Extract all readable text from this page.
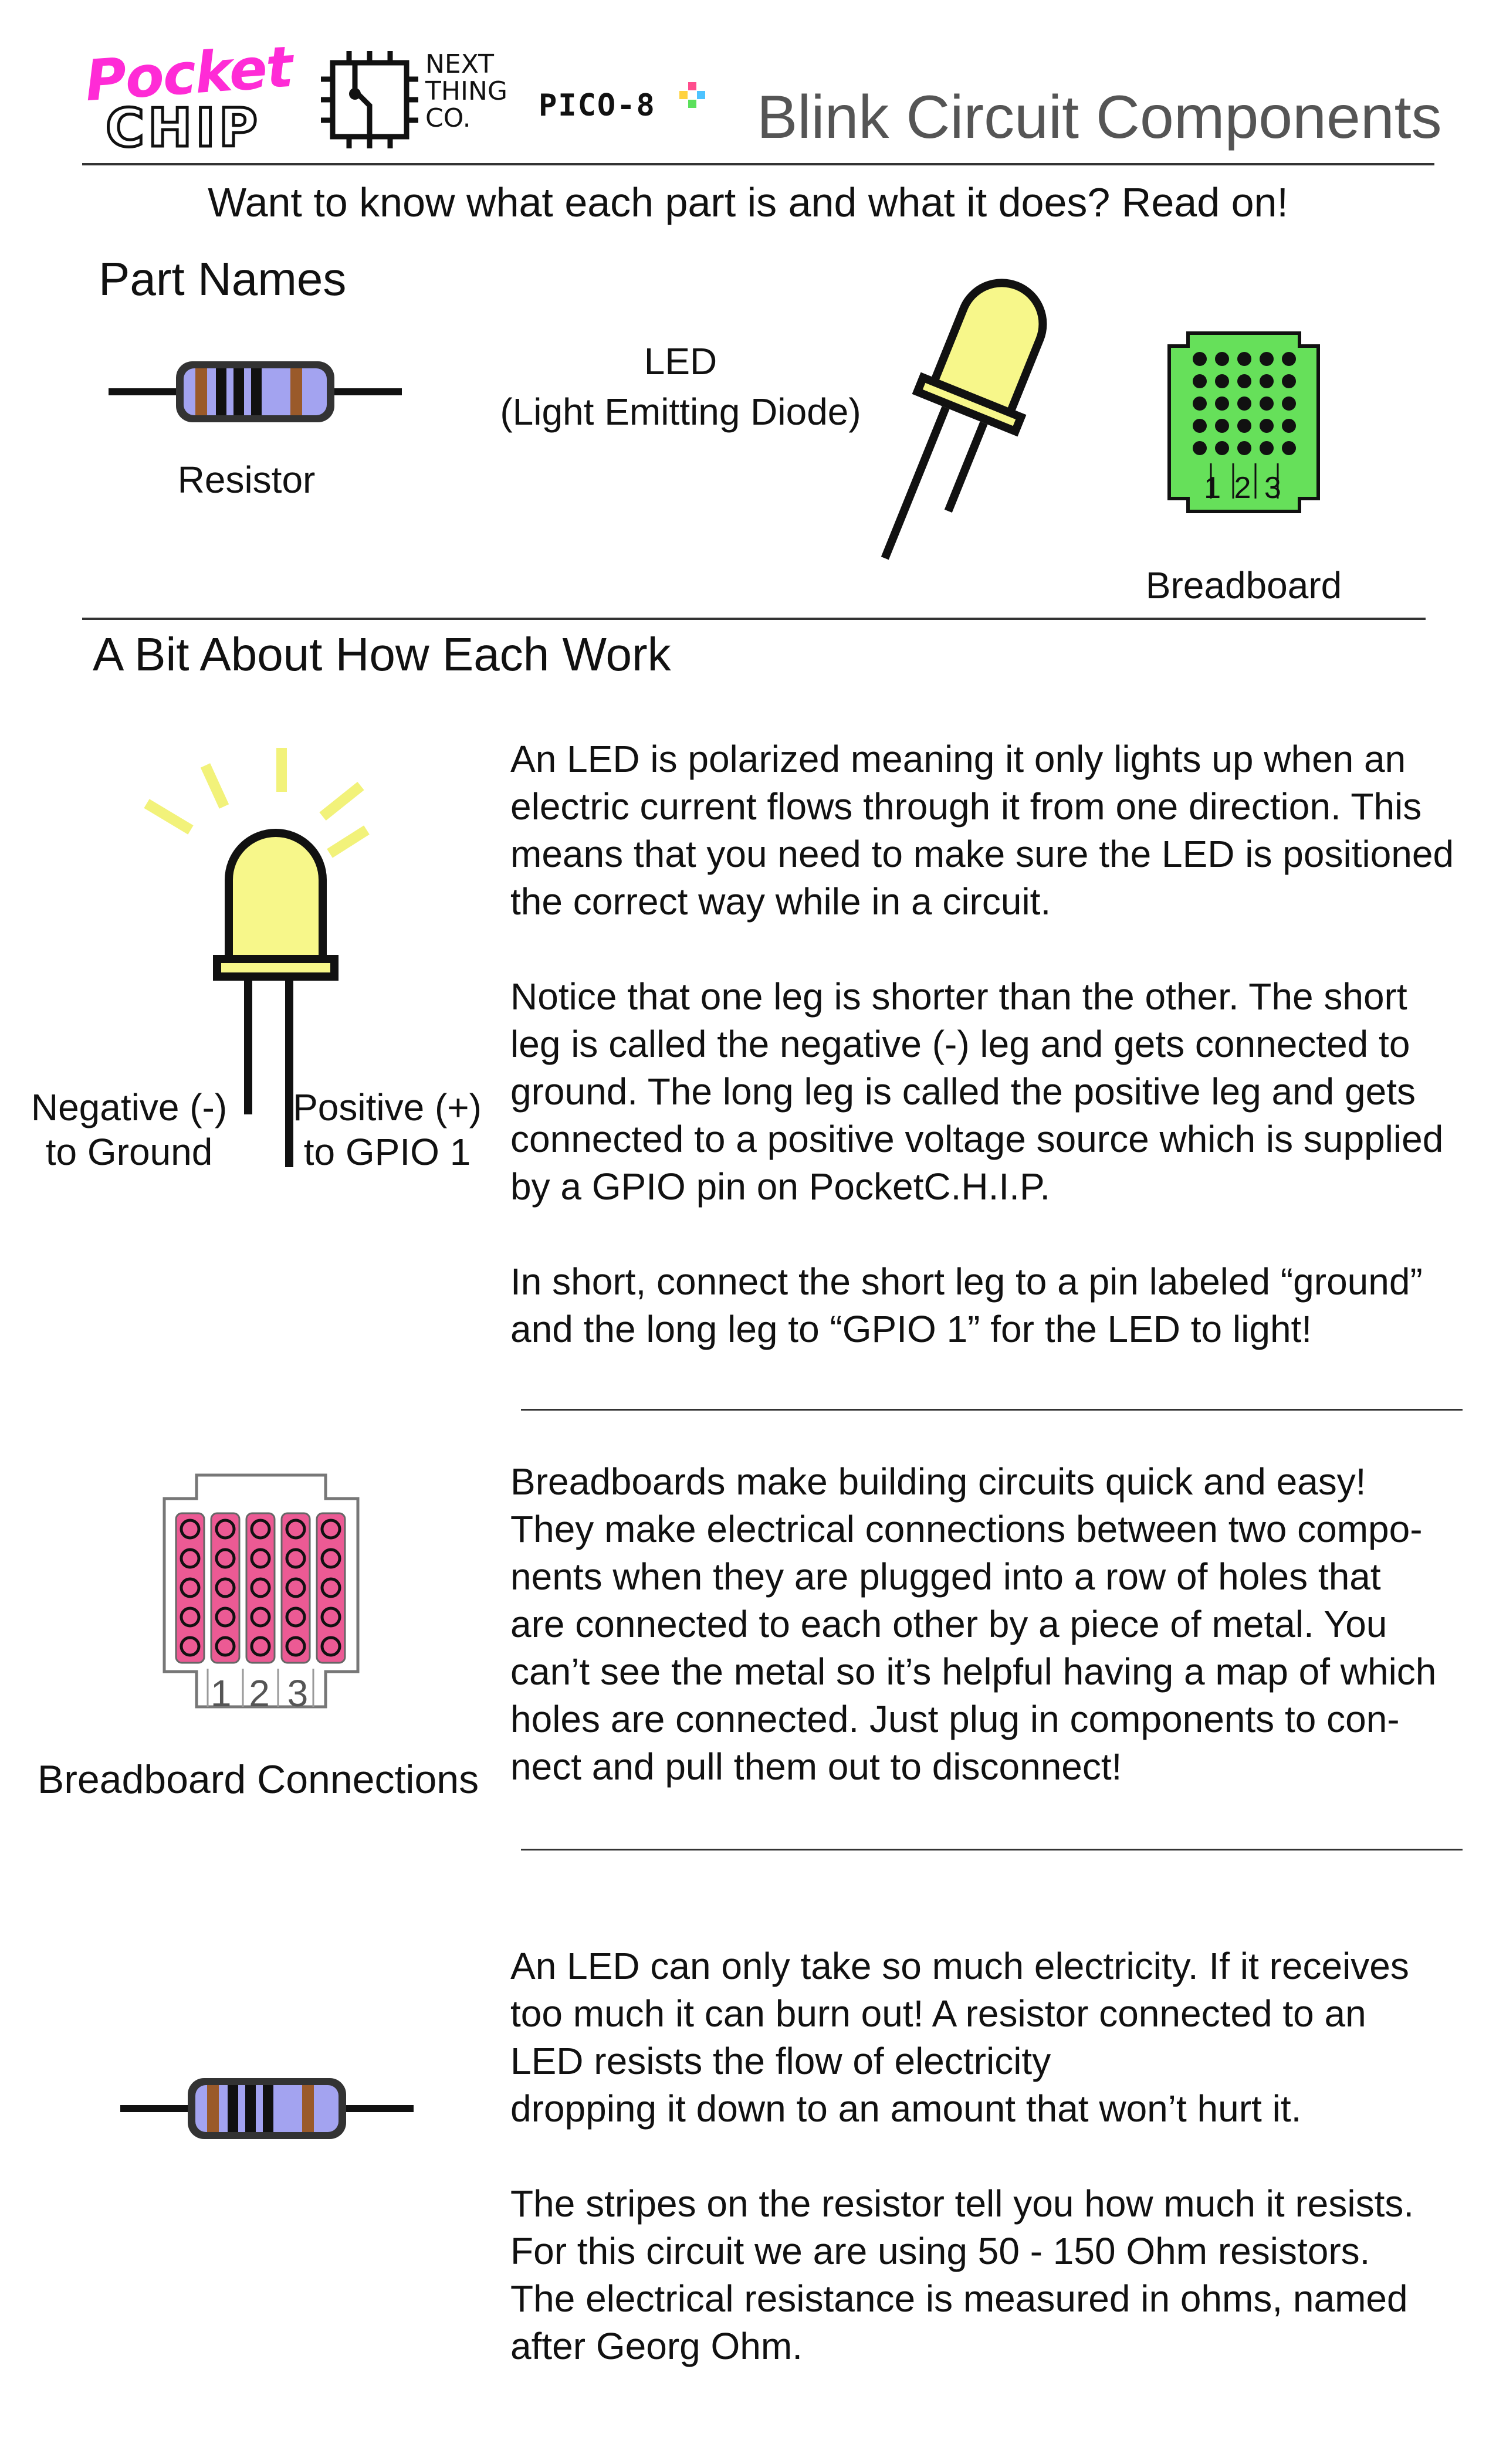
Pocket
CHIP
NEXT
THING
CO.	PICO-8 Blink Circuit Components
Want to know what each part is and what it does? Read on!
Part Names
Resistor
LED
(Light Emitting Diode)
1 2 3
Breadboard
A Bit About How Each Work
Negative (-)
to Ground
Positive (+)
to GPIO 1
An LED is polarized meaning it only lights up when an
electric current flows through it from one direction. This
means that you need to make sure the LED is positioned
the correct way while in a circuit.
Notice that one leg is shorter than the other. The short
leg is called the negative (-) leg and gets connected to
ground. The long leg is called the positive leg and gets
connected to a positive voltage source which is supplied
by a GPIO pin on PocketC.H.I.P.
In short, connect the short leg to a pin labeled “ground”
and the long leg to “GPIO 1” for the LED to light!
1 2 3
Breadboard Connections
Breadboards make building circuits quick and easy!
They make electrical connections between two compo-
nents when they are plugged into a row of holes that
are connected to each other by a piece of metal. You
can’t see the metal so it’s helpful having a map of which
holes are connected. Just plug in components to con-
nect and pull them out to disconnect!
An LED can only take so much electricity. If it receives
too much it can burn out! A resistor connected to an
LED resists the flow of electricity
dropping it down to an amount that won’t hurt it.
The stripes on the resistor tell you how much it resists.
For this circuit we are using 50 - 150 Ohm resistors.
The electrical resistance is measured in ohms, named
after Georg Ohm.
